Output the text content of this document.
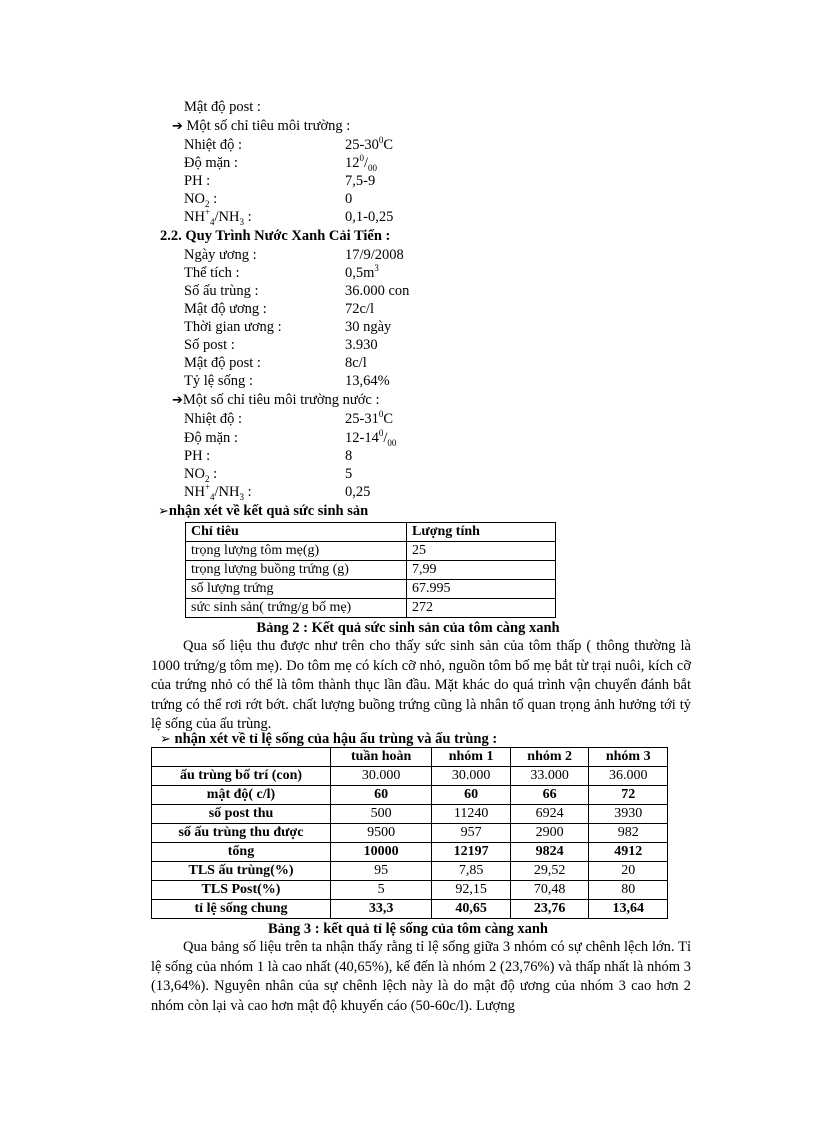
Mật độ post :
➔ Một số chỉ tiêu môi trường :
Nhiệt độ :	$25-30^0C$
Độ mặn :	$12^0/_{00}$
PH :	7,5-9
$NO_2$ :	0
$NH^+_4/NH_3$ :	0,1-0,25
2.2. Quy Trình Nước Xanh Cải Tiến :
Ngày ương :	17/9/2008
Thể tích :	$0,5m^3$
Số ấu trùng :	36.000 con
Mật độ ương :	72c/l
Thời gian ương :	30 ngày
Số post :	3.930
Mật độ post :	8c/l
Tỷ lệ sống :	13,64%
➔Một số chỉ tiêu môi trường nước :
Nhiệt độ :	$25-31^0C$
Độ mặn :	$12-14^0/_{00}$
PH :	8
$NO_2$ :	5
$NH^+_4/NH_3$ :	0,25
➢nhận xét về kết quả sức sinh sản
Chỉ tiêu	Lượng tính
trọng lượng tôm mẹ(g)	25
trọng lượng buồng trứng (g)	7,99
số lượng trứng	67.995
sức sinh sản( trứng/g bố mẹ)	272
Bảng 2 : Kết quả sức sinh sản của tôm càng xanh

Qua số liệu thu được như trên cho thấy sức sinh sản của tôm thấp ( thông thường là 1000 trứng/g tôm mẹ). Do tôm mẹ có kích cỡ nhỏ, nguồn tôm bố mẹ bắt từ trại nuôi, kích cỡ của trứng nhỏ có thể là tôm thành thục lần đầu. Mặt khác do quá trình vận chuyển đánh bắt trứng có thể rơi rớt bớt. chất lượng buồng trứng cũng là nhân tố quan trọng ảnh hưởng tới tỷ lệ sống của ấu trùng.

➢ nhận xét về tỉ lệ sống của hậu ấu trùng và ấu trùng :
	tuần hoàn	nhóm 1	nhóm 2	nhóm 3
ấu trùng bố trí (con)	30.000	30.000	33.000	36.000
mật độ( c/l)	60	60	66	72
số post thu	500	11240	6924	3930
số ấu trùng thu được	9500	957	2900	982
tổng	10000	12197	9824	4912
TLS ấu trùng(%)	95	7,85	29,52	20
TLS Post(%)	5	92,15	70,48	80
tỉ lệ sống chung	33,3	40,65	23,76	13,64
Bảng 3 : kết quả tỉ lệ sống của tôm càng xanh

Qua bảng số liệu trên ta nhận thấy rằng tỉ lệ sống giữa 3 nhóm có sự chênh lệch lớn. Tỉ lệ sống của nhóm 1 là cao nhất (40,65%), kế đến là nhóm 2 (23,76%) và thấp nhất là nhóm 3 (13,64%). Nguyên nhân của sự chênh lệch này là do mật độ ương của nhóm 3 cao hơn 2 nhóm còn lại và cao hơn mật độ khuyến cáo (50-60c/l). Lượng
